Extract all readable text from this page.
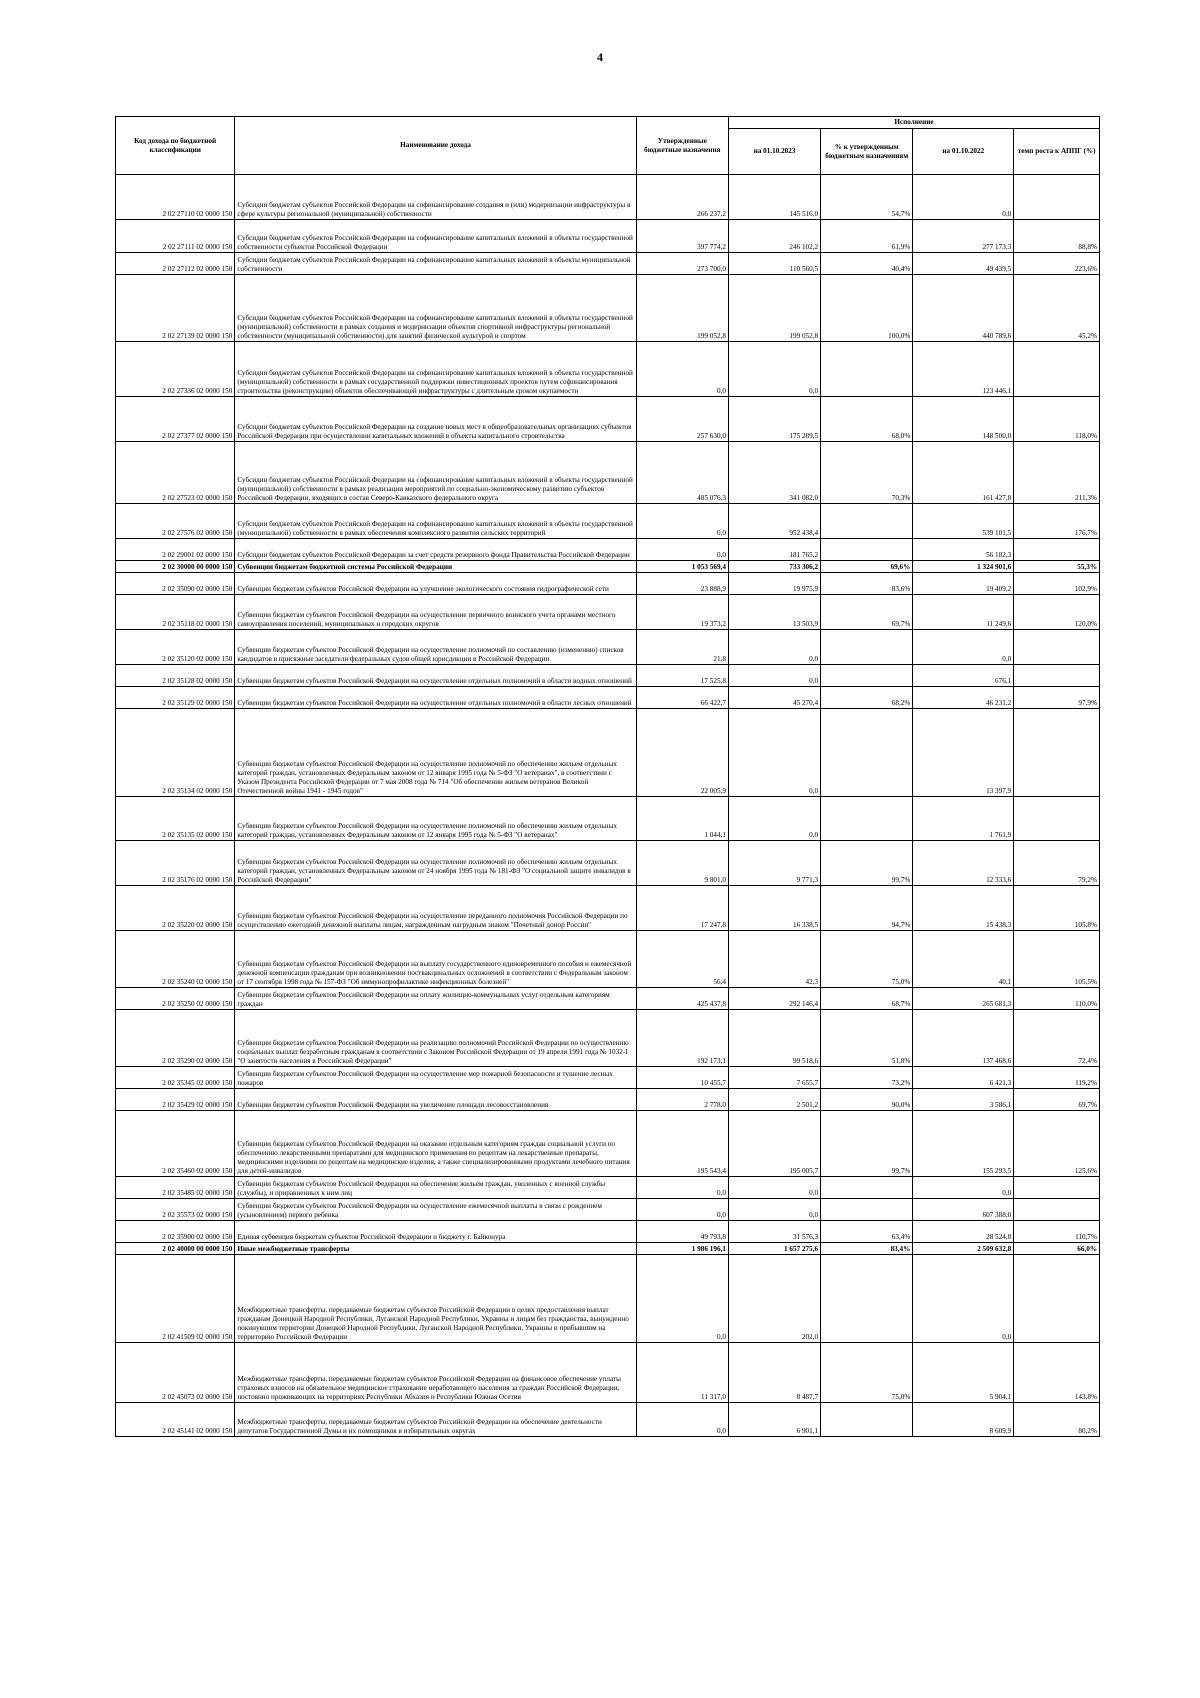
4
Код дохода по бюджетной классификации	Наименование дохода	Утвержденные бюджетные назначения	Исполнение			
			на 01.10.2023	% к утвержденным бюджетным назначениям	на 01.10.2022	темп роста к АППГ (%)
2 02 27110 02 0000 150	Субсидии бюджетам субъектов Российской Федерации на софинансирование создания и (или) модернизации инфраструктуры в сфере культуры региональной (муниципальной) собственности	266 237,2	145 516,0	54,7%	0,0	
2 02 27111 02 0000 150	Субсидии бюджетам субъектов Российской Федерации на софинансирование капитальных вложений в объекты государственной собственности субъектов Российской Федерации	397 774,2	246 102,2	61,9%	277 173,3	88,8%
2 02 27112 02 0000 150	Субсидии бюджетам субъектов Российской Федерации на софинансирование капитальных вложений в объекты муниципальной собственности	273 700,0	110 560,5	40,4%	49 439,5	223,6%
2 02 27139 02 0000 150	Субсидии бюджетам субъектов Российской Федерации на софинансирование капитальных вложений в объекты государственной (муниципальной) собственности в рамках создания и модернизации объектов спортивной инфраструктуры региональной собственности (муниципальной собственности) для занятий физической культурой и спортом	199 052,8	199 052,8	100,0%	440 789,6	45,2%
2 02 27336 02 0000 150	Субсидии бюджетам субъектов Российской Федерации на софинансирование капитальных вложений в объекты государственной (муниципальной) собственности в рамках государственной поддержки инвестиционных проектов путем софинансирования строительства (реконструкции) объектов обеспечивающей инфраструктуры с длительным сроком окупаемости	0,0	0,0		123 446,1	
2 02 27377 02 0000 150	Субсидии бюджетам субъектов Российской Федерации на создание новых мест в общеобразовательных организациях субъектов Российской Федерации при осуществлении капитальных вложений в объекты капитального строительства	257 630,0	175 289,5	68,0%	148 500,0	118,0%
2 02 27523 02 0000 150	Субсидии бюджетам субъектов Российской Федерации на софинансирование капитальных вложений в объекты государственной (муниципальной) собственности в рамках реализации мероприятий по социально-экономическому развитию субъектов Российской Федерации, входящих в состав Северо-Кавказского федерального округа	485 076,3	341 082,0	70,3%	161 427,8	211,3%
2 02 27576 02 0000 150	Субсидии бюджетам субъектов Российской Федерации на софинансирование капитальных вложений в объекты государственной (муниципальной) собственности в рамках обеспечения комплексного развития сельских территорий	0,0	952 438,4		539 101,5	176,7%
2 02 29001 02 0000 150	Субсидии бюджетам субъектов Российской Федерации за счет средств резервного фонда Правительства Российской Федерации	0,0	181 765,2		56 182,3	
2 02 30000 00 0000 150	Субвенции бюджетам бюджетной системы Российской Федерации	1 053 569,4	733 306,2	69,6%	1 324 901,6	55,3%
2 02 35090 02 0000 150	Субвенции бюджетам субъектов Российской Федерации на улучшение экологического состояния гидрографической сети	23 888,9	19 975,9	83,6%	19 409,2	102,9%
2 02 35118 02 0000 150	Субвенции бюджетам субъектов Российской Федерации на осуществление первичного воинского учета органами местного самоуправления поселений, муниципальных и городских округов	19 373,2	13 503,9	69,7%	11 249,6	120,0%
2 02 35120 02 0000 150	Субвенции бюджетам субъектов Российской Федерации на осуществление полномочий по составлению (изменению) списков кандидатов в присяжные заседатели федеральных судов общей юрисдикции в Российской Федерации	21,8	0,0		0,0	
2 02 35128 02 0000 150	Субвенции бюджетам субъектов Российской Федерации на осуществление отдельных полномочий в области водных отношений	17 525,8	0,0		676,1	
2 02 35129 02 0000 150	Субвенции бюджетам субъектов Российской Федерации на осуществление отдельных полномочий в области лесных отношений	66 422,7	45 270,4	68,2%	46 231,2	97,9%
2 02 35134 02 0000 150	Субвенции бюджетам субъектов Российской Федерации на осуществление полномочий по обеспечению жильем отдельных категорий граждан, установленных Федеральным законом от 12 января 1995 года № 5-ФЗ "О ветеранах", в соответствии с Указом Президента Российской Федерации от 7 мая 2008 года № 714 "Об обеспечении жильем ветеранов Великой Отечественной войны 1941 - 1945 годов"	22 005,9	0,0		13 397,9	
2 02 35135 02 0000 150	Субвенции бюджетам субъектов Российской Федерации на осуществление полномочий по обеспечению жильем отдельных категорий граждан, установленных Федеральным законом от 12 января 1995 года № 5-ФЗ "О ветеранах"	1 044,1	0,0		1 761,9	
2 02 35176 02 0000 150	Субвенции бюджетам субъектов Российской Федерации на осуществление полномочий по обеспечению жильем отдельных категорий граждан, установленных Федеральным законом от 24 ноября 1995 года № 181-ФЗ "О социальной защите инвалидов в Российской Федерации"	9 801,0	9 771,3	99,7%	12 333,6	79,2%
2 02 35220 02 0000 150	Субвенции бюджетам субъектов Российской Федерации на осуществление переданного полномочия Российской Федерации по осуществлению ежегодной денежной выплаты лицам, награжденным нагрудным знаком "Почетный донор России"	17 247,8	16 338,5	94,7%	15 438,3	105,8%
2 02 35240 02 0000 150	Субвенции бюджетам субъектов Российской Федерации на выплату государственного единовременного пособия и ежемесячной денежной компенсации гражданам при возникновении поствакцинальных осложнений в соответствии с Федеральным законом от 17 сентября 1998 года № 157-ФЗ "Об иммунопрофилактике инфекционных болезней"	56,4	42,3	75,0%	40,1	105,5%
2 02 35250 02 0000 150	Субвенции бюджетам субъектов Российской Федерации на оплату жилищно-коммунальных услуг отдельным категориям граждан	425 437,8	292 146,4	68,7%	265 681,3	110,0%
2 02 35290 02 0000 150	Субвенции бюджетам субъектов Российской Федерации на реализацию полномочий Российской Федерации по осуществлению социальных выплат безработным гражданам в соответствии с Законом Российской Федерации от 19 апреля 1991 года № 1032-I "О занятости населения в Российской Федерации"	192 173,1	99 518,6	51,8%	137 468,6	72,4%
2 02 35345 02 0000 150	Субвенции бюджетам субъектов Российской Федерации на осуществление мер пожарной безопасности и тушение лесных пожаров	10 455,7	7 655,7	73,2%	6 421,3	119,2%
2 02 35429 02 0000 150	Субвенции бюджетам субъектов Российской Федерации на увеличение площади лесовосстановления	2 778,0	2 501,2	90,0%	3 586,1	69,7%
2 02 35460 02 0000 150	Субвенции бюджетам субъектов Российской Федерации на оказание отдельным категориям граждан социальной услуги по обеспечению лекарственными препаратами для медицинского применения по рецептам на лекарственные препараты, медицинскими изделиями по рецептам на медицинские изделия, а также специализированными продуктами лечебного питания для детей-инвалидов	195 543,4	195 005,7	99,7%	155 293,5	125,6%
2 02 35485 02 0000 150	Субвенции бюджетам субъектов Российской Федерации на обеспечение жильем граждан, уволенных с военной службы (службы), и приравненных к ним лиц	0,0	0,0		0,0	
2 02 35573 02 0000 150	Субвенции бюджетам субъектов Российской Федерации на осуществление ежемесячной выплаты в связи с рождением (усыновлением) первого ребенка	0,0	0,0		607 388,0	
2 02 35900 02 0000 150	Единая субвенция бюджетам субъектов Российской Федерации и бюджету г. Байконура	49 793,8	31 576,3	63,4%	28 524,8	110,7%
2 02 40000 00 0000 150	Иные межбюджетные трансферты	1 986 196,1	1 657 275,6	83,4%	2 509 632,8	66,0%
2 02 41509 02 0000 150	Межбюджетные трансферты, передаваемые бюджетам субъектов Российской Федерации в целях предоставления выплат гражданам Донецкой Народной Республики, Луганской Народной Республики, Украины и лицам без гражданства, вынужденно покинувшим территории Донецкой Народной Республики, Луганской Народной Республики, Украины и прибывшим на территорию Российской Федерации	0,0	202,0		0,0	
2 02 45073 02 0000 150	Межбюджетные трансферты, передаваемые бюджетам субъектов Российской Федерации на финансовое обеспечение уплаты страховых взносов на обязательное медицинское страхование неработающего населения за граждан Российской Федерации, постоянно проживающих на территориях Республики Абхазия и Республики Южная Осетия	11 317,0	8 487,7	75,0%	5 904,1	143,8%
2 02 45141 02 0000 150	Межбюджетные трансферты, передаваемые бюджетам субъектов Российской Федерации на обеспечение деятельности депутатов Государственной Думы и их помощников в избирательных округах	0,0	6 901,1		8 609,9	80,2%
